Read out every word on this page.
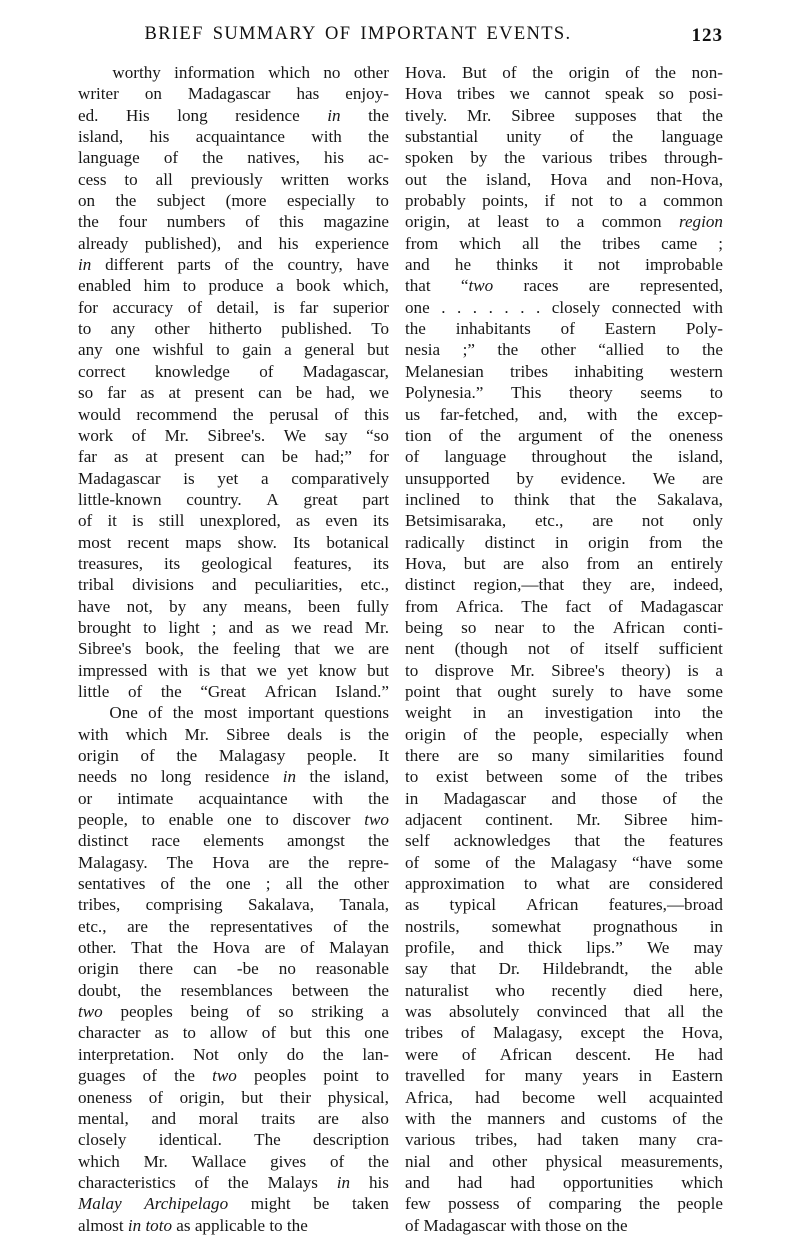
BRIEF SUMMARY OF IMPORTANT EVENTS.	123
worthy information which no other
writer on Madagascar has enjoy-
ed. His long residence in the
island, his acquaintance with the
language of the natives, his ac-
cess to all previously written works
on the subject (more especially to
the four numbers of this magazine
already published), and his experience
in different parts of the country, have
enabled him to produce a book which,
for accuracy of detail, is far superior
to any other hitherto published. To
any one wishful to gain a general but
correct knowledge of Madagascar,
so far as at present can be had, we
would recommend the perusal of this
work of Mr. Sibree's. We say “so
far as at present can be had;” for
Madagascar is yet a comparatively
little-known country. A great part
of it is still unexplored, as even its
most recent maps show. Its botanical
treasures, its geological features, its
tribal divisions and peculiarities, etc.,
have not, by any means, been fully
brought to light ; and as we read Mr.
Sibree's book, the feeling that we are
impressed with is that we yet know but
little of the “Great African Island.”
One of the most important questions
with which Mr. Sibree deals is the
origin of the Malagasy people. It
needs no long residence in the island,
or intimate acquaintance with the
people, to enable one to discover two
distinct race elements amongst the
Malagasy. The Hova are the repre-
sentatives of the one ; all the other
tribes, comprising Sakalava, Tanala,
etc., are the representatives of the
other. That the Hova are of Malayan
origin there can -be no reasonable
doubt, the resemblances between the
two peoples being of so striking a
character as to allow of but this one
interpretation. Not only do the lan-
guages of the two peoples point to
oneness of origin, but their physical,
mental, and moral traits are also
closely identical. The description
which Mr. Wallace gives of the
characteristics of the Malays in his
Malay Archipelago might be taken
almost in toto as applicable to the
Hova. But of the origin of the non-
Hova tribes we cannot speak so posi-
tively. Mr. Sibree supposes that the
substantial unity of the language
spoken by the various tribes through-
out the island, Hova and non-Hova,
probably points, if not to a common
origin, at least to a common region
from which all the tribes came ;
and he thinks it not improbable
that “two races are represented,
one . . . . . . . closely connected with
the inhabitants of Eastern Poly-
nesia ;” the other “allied to the
Melanesian tribes inhabiting western
Polynesia.” This theory seems to
us far-fetched, and, with the excep-
tion of the argument of the oneness
of language throughout the island,
unsupported by evidence. We are
inclined to think that the Sakalava,
Betsimisaraka, etc., are not only
radically distinct in origin from the
Hova, but are also from an entirely
distinct region,—that they are, indeed,
from Africa. The fact of Madagascar
being so near to the African conti-
nent (though not of itself sufficient
to disprove Mr. Sibree's theory) is a
point that ought surely to have some
weight in an investigation into the
origin of the people, especially when
there are so many similarities found
to exist between some of the tribes
in Madagascar and those of the
adjacent continent. Mr. Sibree him-
self acknowledges that the features
of some of the Malagasy “have some
approximation to what are considered
as typical African features,—broad
nostrils, somewhat prognathous in
profile, and thick lips.” We may
say that Dr. Hildebrandt, the able
naturalist who recently died here,
was absolutely convinced that all the
tribes of Malagasy, except the Hova,
were of African descent. He had
travelled for many years in Eastern
Africa, had become well acquainted
with the manners and customs of the
various tribes, had taken many cra-
nial and other physical measurements,
and had had opportunities which
few possess of comparing the people
of Madagascar with those on the
